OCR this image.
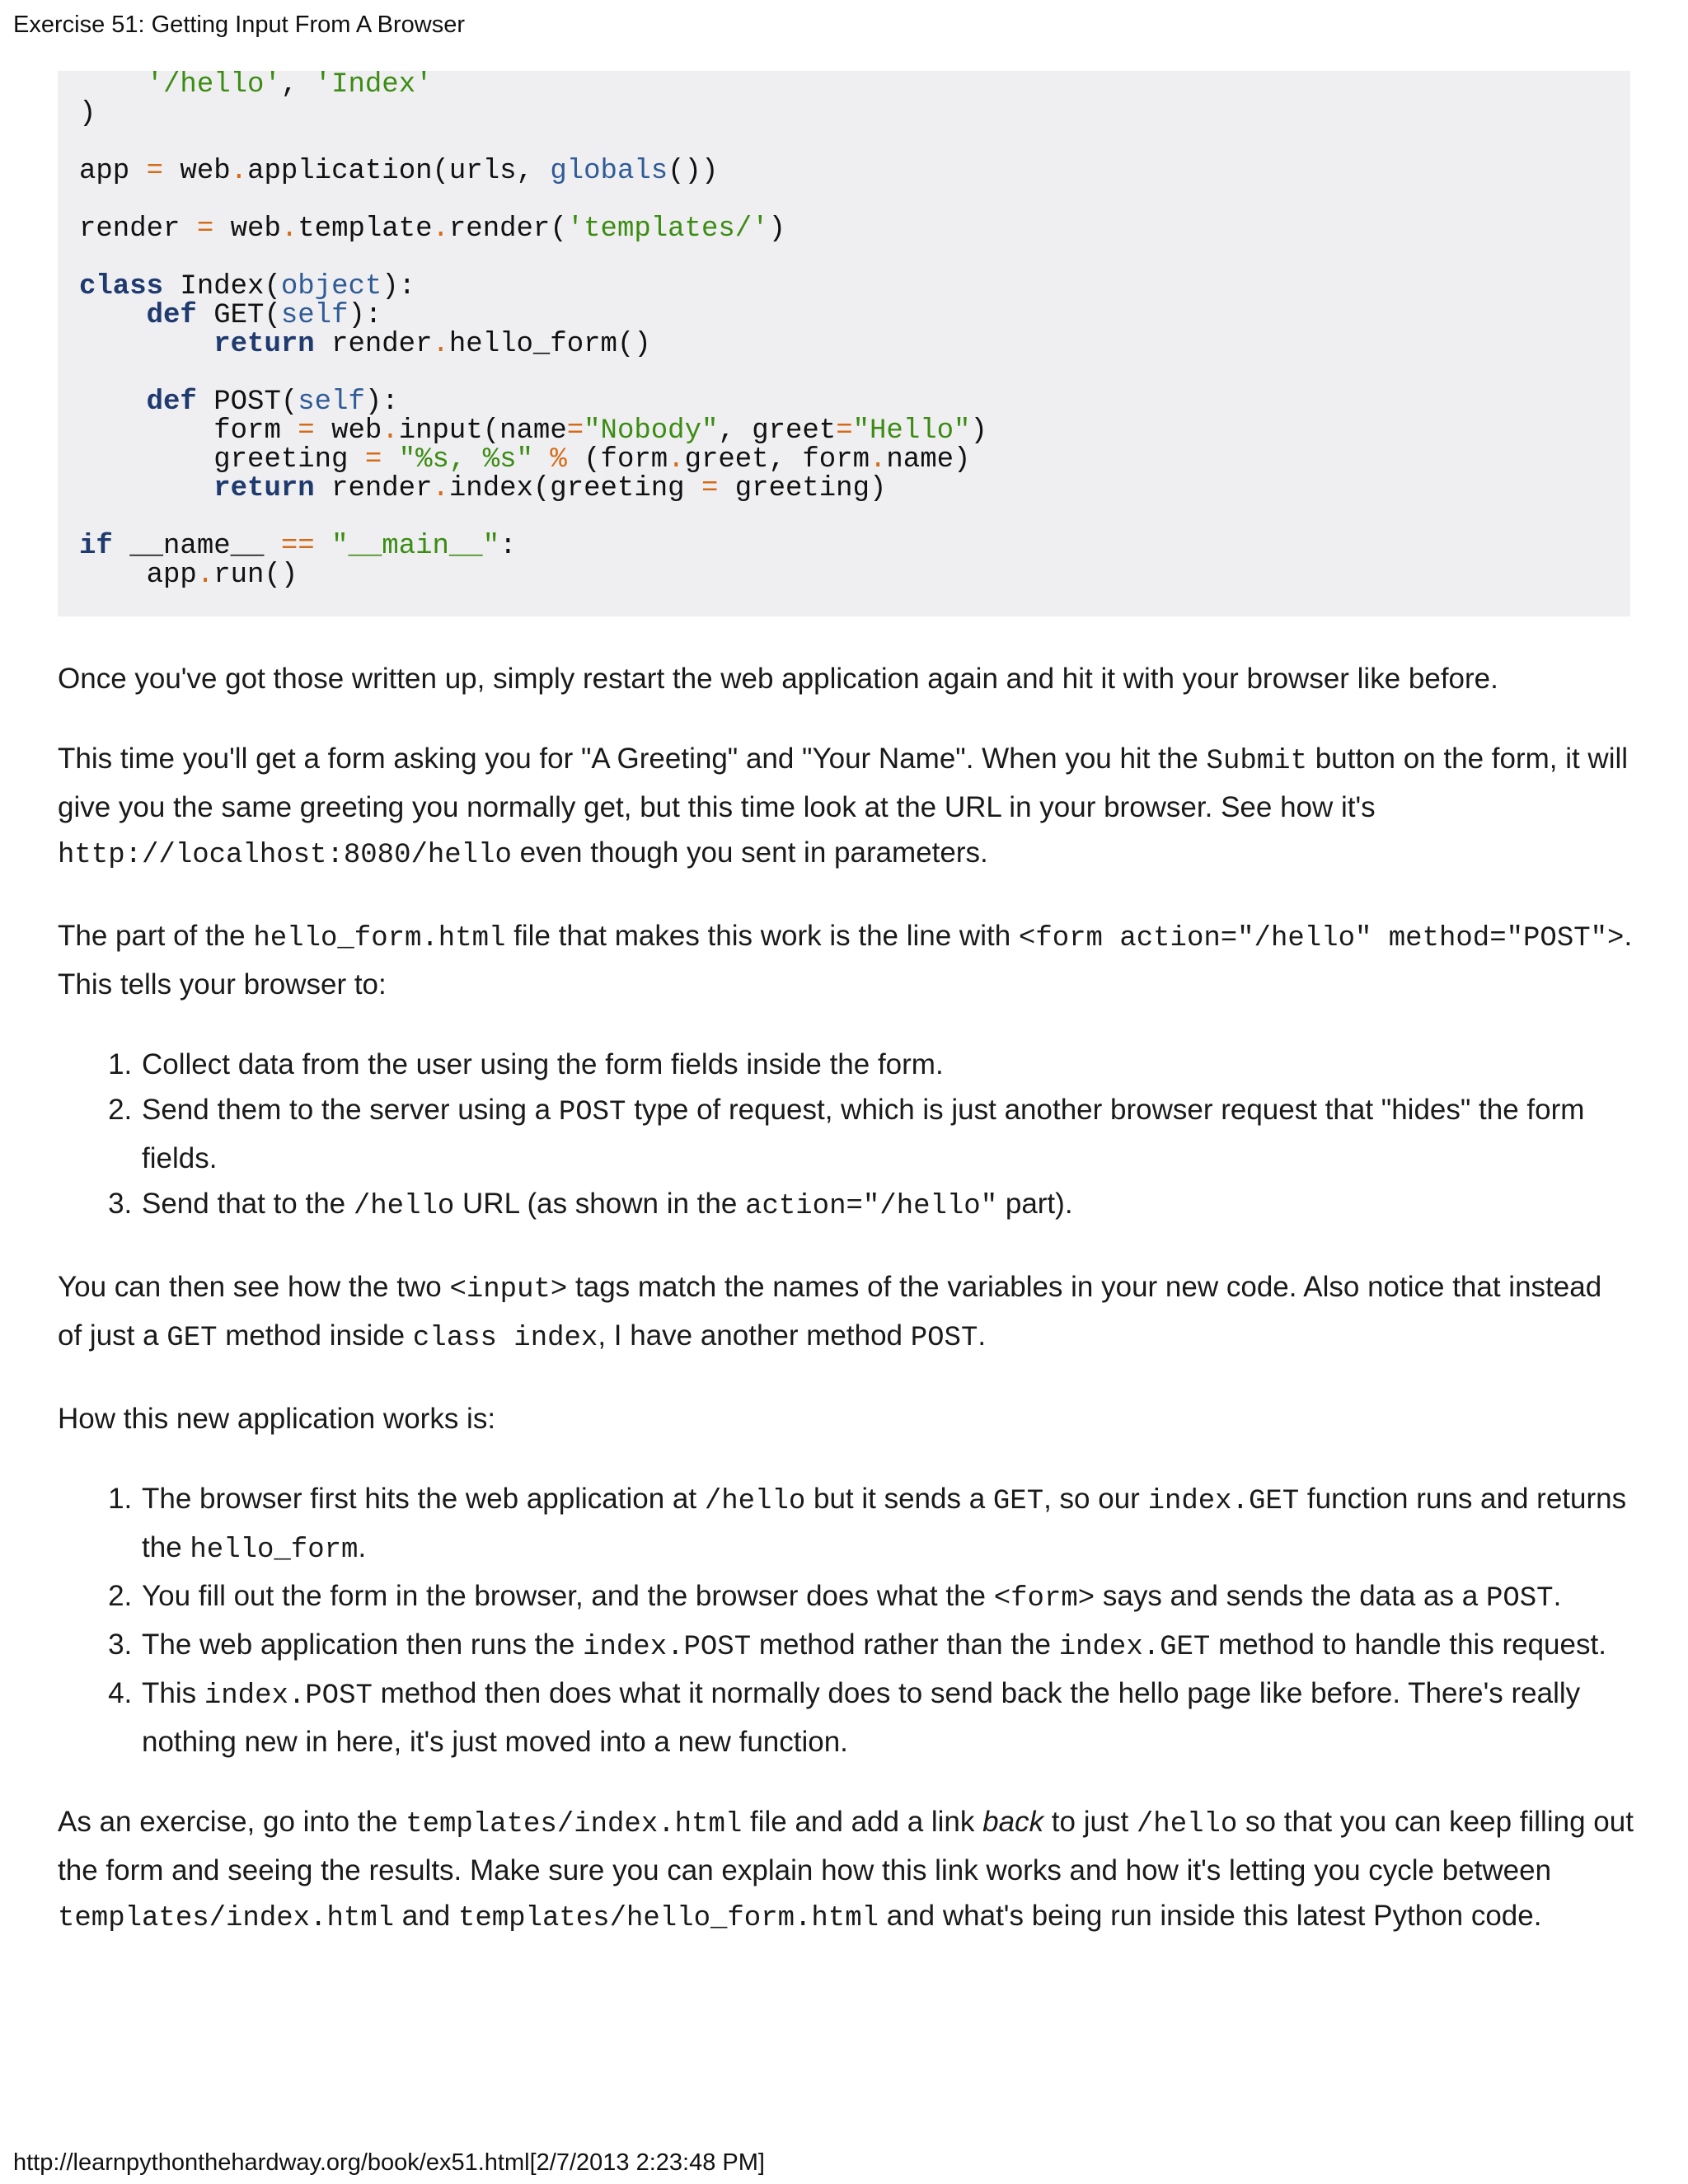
Exercise 51: Getting Input From A Browser
'/hello', 'Index'
)
app = web.application(urls, globals())
render = web.template.render('templates/')
class Index(object):
def GET(self):
return render.hello_form()
def POST(self):
form = web.input(name="Nobody", greet="Hello")
greeting = "%s, %s" % (form.greet, form.name)
return render.index(greeting = greeting)
if __name__ == "__main__":
app.run()

Once you've got those written up, simply restart the web application again and hit it with your browser like before.

This time you'll get a form asking you for "A Greeting" and "Your Name". When you hit the Submit button on the form, it will give you the same greeting you normally get, but this time look at the URL in your browser. See how it's http://localhost:8080/hello even though you sent in parameters.

The part of the hello_form.html file that makes this work is the line with <form action="/hello" method="POST">. This tells your browser to:

1. Collect data from the user using the form fields inside the form.
2. Send them to the server using a POST type of request, which is just another browser request that "hides" the form fields.
3. Send that to the /hello URL (as shown in the action="/hello" part).

You can then see how the two <input> tags match the names of the variables in your new code. Also notice that instead of just a GET method inside class index, I have another method POST.

How this new application works is:

1. The browser first hits the web application at /hello but it sends a GET, so our index.GET function runs and returns the hello_form.
2. You fill out the form in the browser, and the browser does what the <form> says and sends the data as a POST.
3. The web application then runs the index.POST method rather than the index.GET method to handle this request.
4. This index.POST method then does what it normally does to send back the hello page like before. There's really nothing new in here, it's just moved into a new function.

As an exercise, go into the templates/index.html file and add a link back to just /hello so that you can keep filling out the form and seeing the results. Make sure you can explain how this link works and how it's letting you cycle between templates/index.html and templates/hello_form.html and what's being run inside this latest Python code.

http://learnpythonthehardway.org/book/ex51.html[2/7/2013 2:23:48 PM]
